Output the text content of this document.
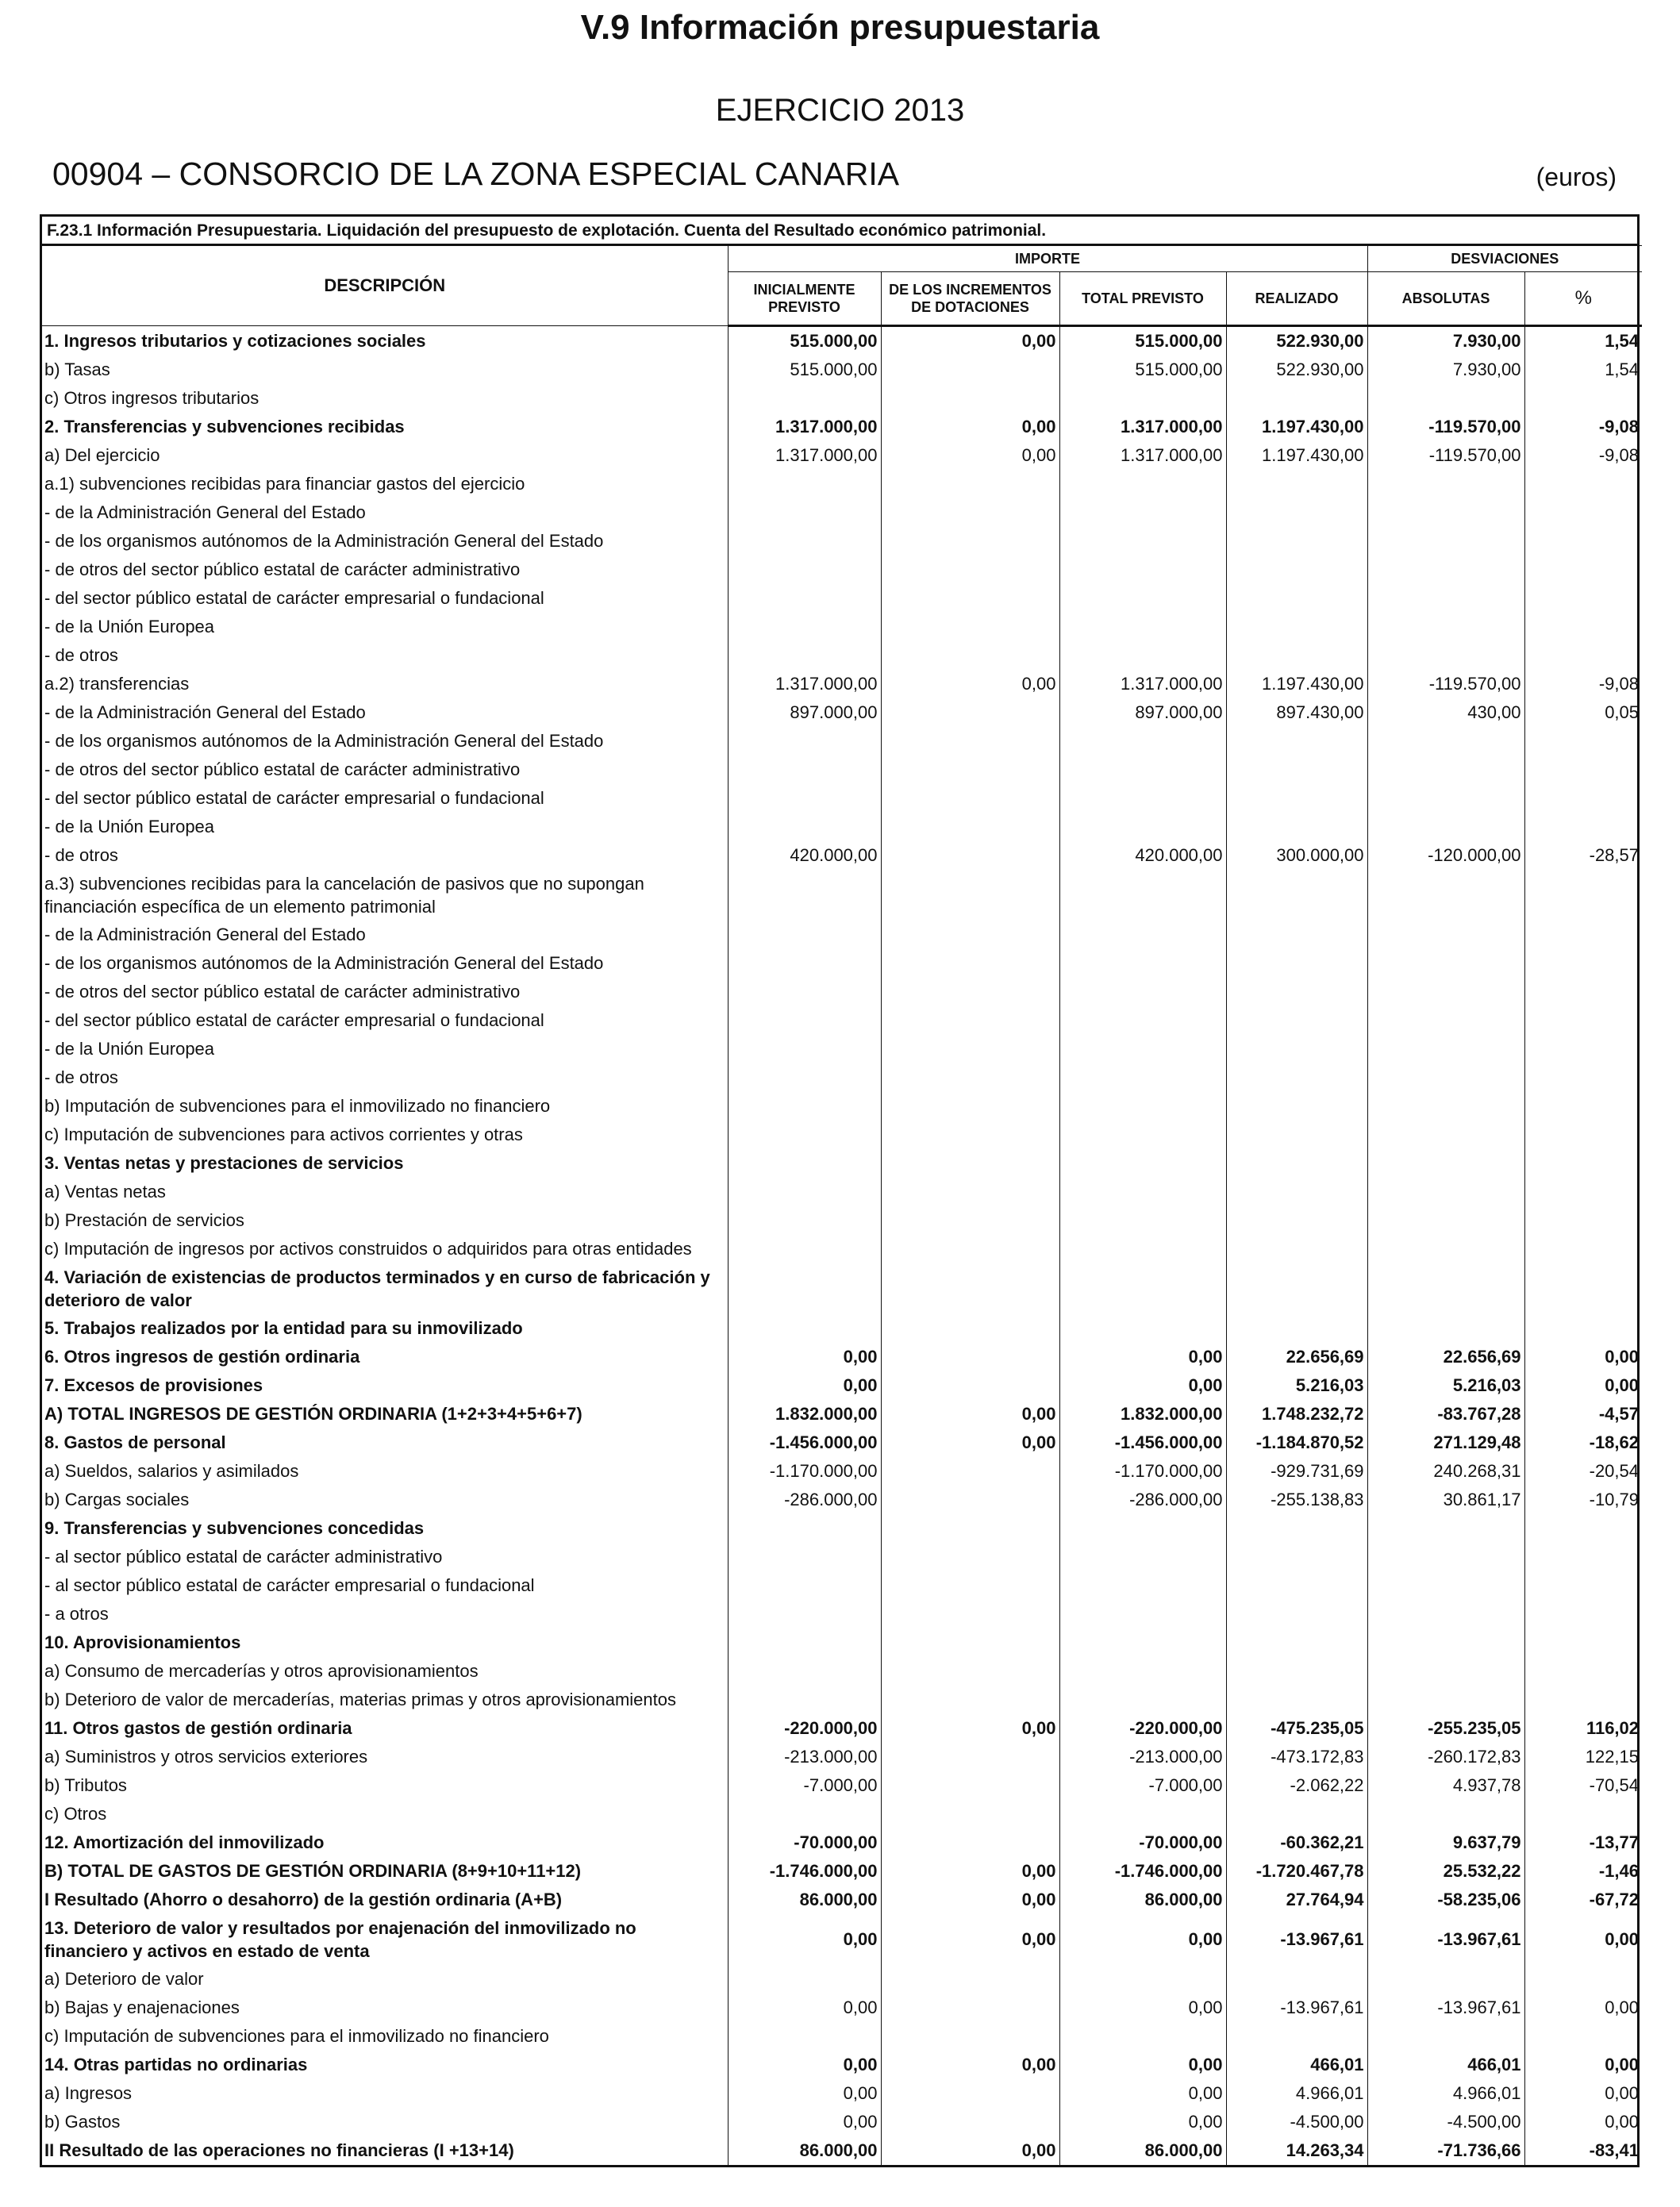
V.9 Información presupuestaria
EJERCICIO 2013
00904 – CONSORCIO DE LA ZONA ESPECIAL CANARIA	(euros)
F.23.1 Información Presupuestaria. Liquidación del presupuesto de explotación. Cuenta del Resultado económico patrimonial.
DESCRIPCIÓN	IMPORTE				DESVIACIONES	
	INICIALMENTE PREVISTO	DE LOS INCREMENTOS DE DOTACIONES	TOTAL PREVISTO	REALIZADO	ABSOLUTAS	%
1. Ingresos tributarios y cotizaciones sociales	515.000,00	0,00	515.000,00	522.930,00	7.930,00	1,54
b) Tasas	515.000,00		515.000,00	522.930,00	7.930,00	1,54
c) Otros ingresos tributarios						
2. Transferencias y subvenciones recibidas	1.317.000,00	0,00	1.317.000,00	1.197.430,00	-119.570,00	-9,08
a) Del ejercicio	1.317.000,00	0,00	1.317.000,00	1.197.430,00	-119.570,00	-9,08
a.1) subvenciones recibidas para financiar gastos del ejercicio						
- de la Administración General del Estado						
- de los organismos autónomos de la Administración General del Estado						
- de otros del sector público estatal de carácter administrativo						
- del sector público estatal de carácter empresarial o fundacional						
- de la Unión Europea						
- de otros						
a.2) transferencias	1.317.000,00	0,00	1.317.000,00	1.197.430,00	-119.570,00	-9,08
- de la Administración General del Estado	897.000,00		897.000,00	897.430,00	430,00	0,05
- de los organismos autónomos de la Administración General del Estado						
- de otros del sector público estatal de carácter administrativo						
- del sector público estatal de carácter empresarial o fundacional						
- de la Unión Europea						
- de otros	420.000,00		420.000,00	300.000,00	-120.000,00	-28,57
a.3) subvenciones recibidas para la cancelación de pasivos que no supongan financiación específica de un elemento patrimonial						
- de la Administración General del Estado						
- de los organismos autónomos de la Administración General del Estado						
- de otros del sector público estatal de carácter administrativo						
- del sector público estatal de carácter empresarial o fundacional						
- de la Unión Europea						
- de otros						
b) Imputación de subvenciones para el inmovilizado no financiero						
c) Imputación de subvenciones para activos corrientes y otras						
3. Ventas netas y prestaciones de servicios						
a) Ventas netas						
b) Prestación de servicios						
c) Imputación de ingresos por activos construidos o adquiridos para otras entidades						
4. Variación de existencias de productos terminados y en curso de fabricación y deterioro de valor						
5. Trabajos realizados por la entidad para su inmovilizado						
6. Otros ingresos de gestión ordinaria	0,00		0,00	22.656,69	22.656,69	0,00
7. Excesos de provisiones	0,00		0,00	5.216,03	5.216,03	0,00
A) TOTAL INGRESOS DE GESTIÓN ORDINARIA (1+2+3+4+5+6+7)	1.832.000,00	0,00	1.832.000,00	1.748.232,72	-83.767,28	-4,57
8. Gastos de personal	-1.456.000,00	0,00	-1.456.000,00	-1.184.870,52	271.129,48	-18,62
a) Sueldos, salarios y asimilados	-1.170.000,00		-1.170.000,00	-929.731,69	240.268,31	-20,54
b) Cargas sociales	-286.000,00		-286.000,00	-255.138,83	30.861,17	-10,79
9. Transferencias y subvenciones concedidas						
- al sector público estatal de carácter administrativo						
- al sector público estatal de carácter empresarial o fundacional						
- a otros						
10. Aprovisionamientos						
a) Consumo de mercaderías y otros aprovisionamientos						
b) Deterioro de valor de mercaderías, materias primas y otros aprovisionamientos						
11. Otros gastos de gestión ordinaria	-220.000,00	0,00	-220.000,00	-475.235,05	-255.235,05	116,02
a) Suministros y otros servicios exteriores	-213.000,00		-213.000,00	-473.172,83	-260.172,83	122,15
b) Tributos	-7.000,00		-7.000,00	-2.062,22	4.937,78	-70,54
c) Otros						
12. Amortización del inmovilizado	-70.000,00		-70.000,00	-60.362,21	9.637,79	-13,77
B) TOTAL DE GASTOS DE GESTIÓN ORDINARIA (8+9+10+11+12)	-1.746.000,00	0,00	-1.746.000,00	-1.720.467,78	25.532,22	-1,46
I Resultado (Ahorro o desahorro) de la gestión ordinaria (A+B)	86.000,00	0,00	86.000,00	27.764,94	-58.235,06	-67,72
13. Deterioro de valor y resultados por enajenación del inmovilizado no financiero y activos en estado de venta	0,00	0,00	0,00	-13.967,61	-13.967,61	0,00
a) Deterioro de valor						
b) Bajas y enajenaciones	0,00		0,00	-13.967,61	-13.967,61	0,00
c) Imputación de subvenciones para el inmovilizado no financiero						
14. Otras partidas no ordinarias	0,00	0,00	0,00	466,01	466,01	0,00
a) Ingresos	0,00		0,00	4.966,01	4.966,01	0,00
b) Gastos	0,00		0,00	-4.500,00	-4.500,00	0,00
II Resultado de las operaciones no financieras (I +13+14)	86.000,00	0,00	86.000,00	14.263,34	-71.736,66	-83,41
